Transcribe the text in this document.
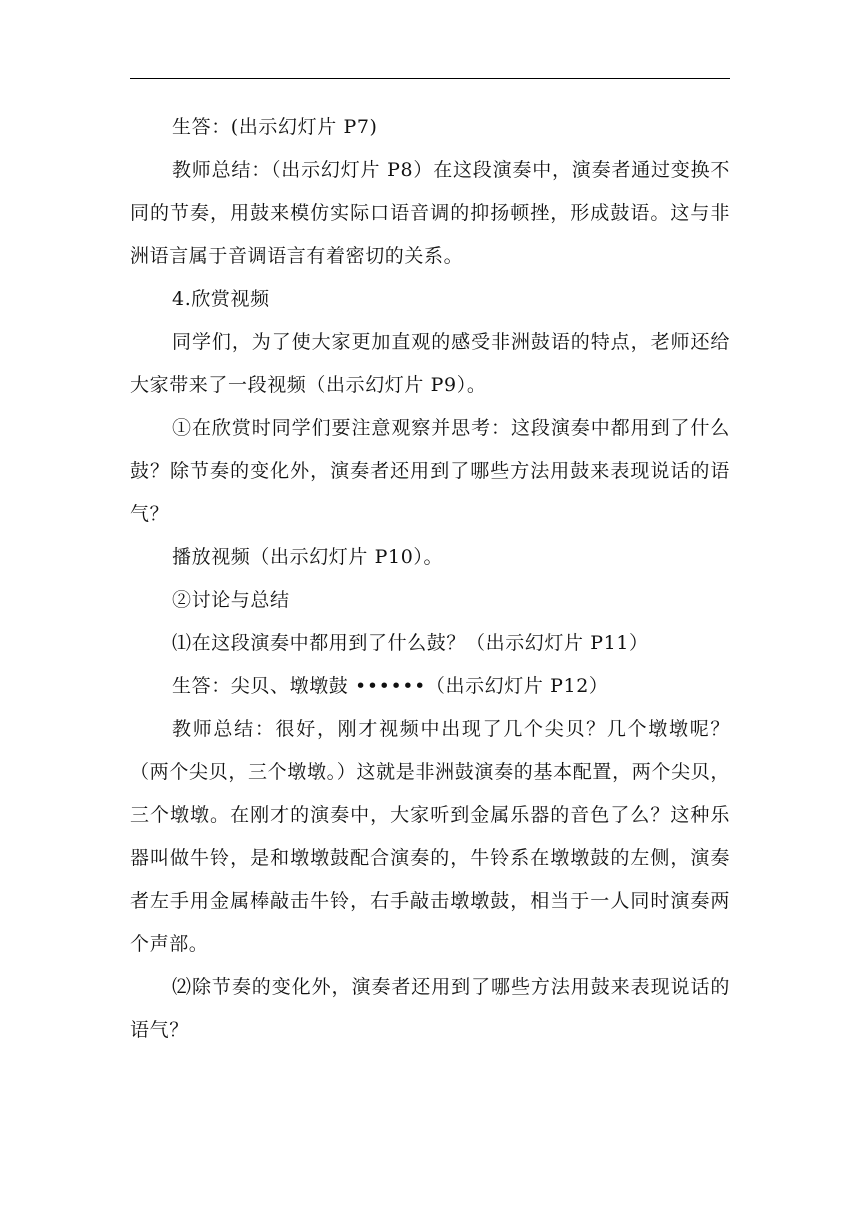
生答：(出示幻灯片 P7)

教师总结：（出示幻灯片 P8）在这段演奏中，演奏者通过变换不同的节奏，用鼓来模仿实际口语音调的抑扬顿挫，形成鼓语。这与非洲语言属于音调语言有着密切的关系。

4.欣赏视频

同学们，为了使大家更加直观的感受非洲鼓语的特点，老师还给大家带来了一段视频（出示幻灯片 P9）。

①在欣赏时同学们要注意观察并思考：这段演奏中都用到了什么鼓？除节奏的变化外，演奏者还用到了哪些方法用鼓来表现说话的语气？

播放视频（出示幻灯片 P10）。

②讨论与总结

⑴在这段演奏中都用到了什么鼓？（出示幻灯片 P11）

生答：尖贝、墩墩鼓 ••••••（出示幻灯片 P12）

教师总结：很好，刚才视频中出现了几个尖贝？几个墩墩呢？（两个尖贝，三个墩墩。）这就是非洲鼓演奏的基本配置，两个尖贝，三个墩墩。在刚才的演奏中，大家听到金属乐器的音色了么？这种乐器叫做牛铃，是和墩墩鼓配合演奏的，牛铃系在墩墩鼓的左侧，演奏者左手用金属棒敲击牛铃，右手敲击墩墩鼓，相当于一人同时演奏两个声部。

⑵除节奏的变化外，演奏者还用到了哪些方法用鼓来表现说话的语气？
